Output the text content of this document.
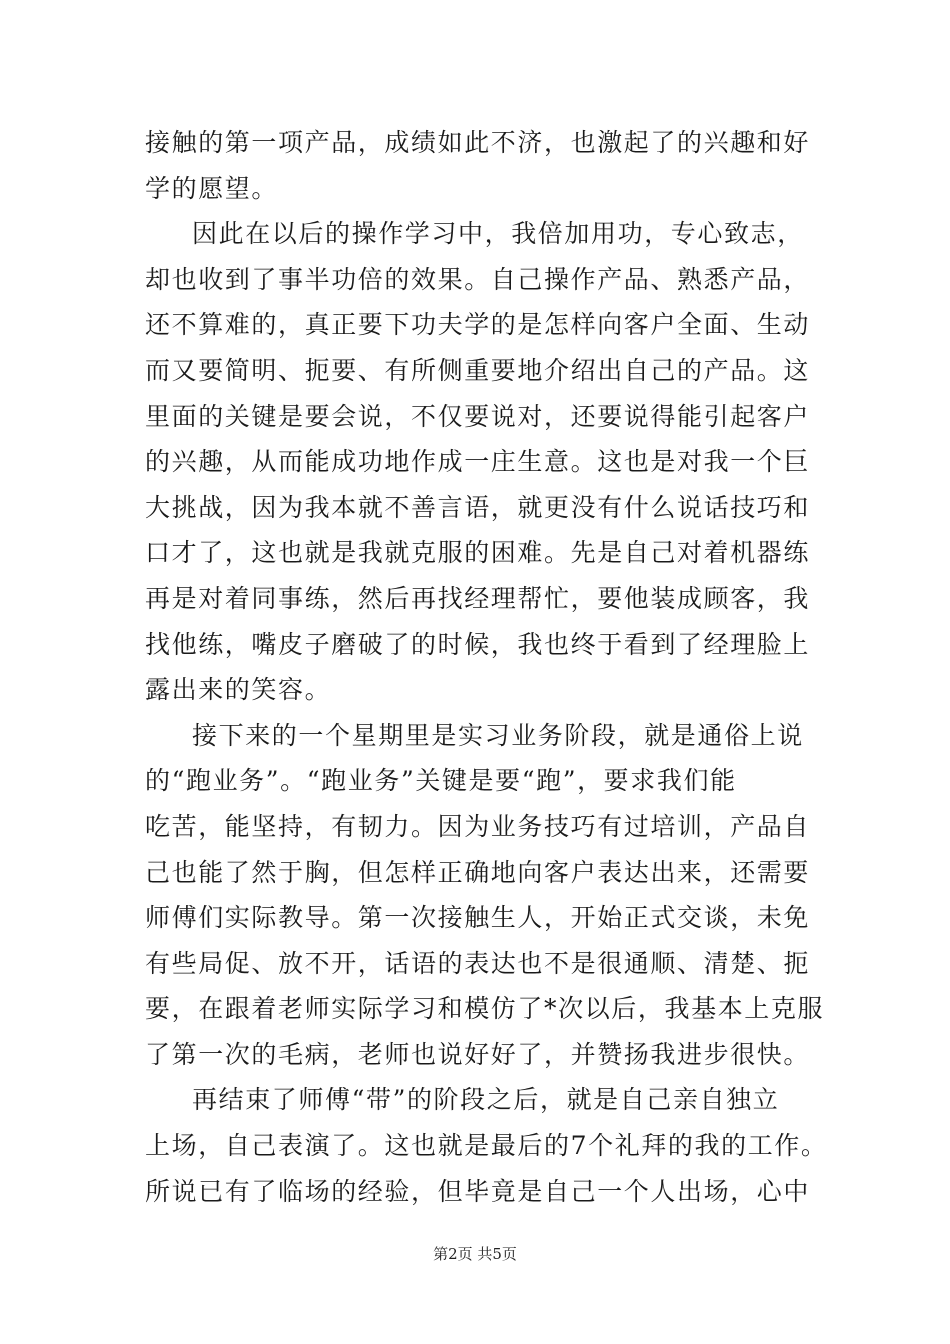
接触的第一项产品，成绩如此不济，也激起了的兴趣和好
学的愿望。
因此在以后的操作学习中，我倍加用功，专心致志，
却也收到了事半功倍的效果。自己操作产品、熟悉产品，
还不算难的，真正要下功夫学的是怎样向客户全面、生动
而又要简明、扼要、有所侧重要地介绍出自己的产品。这
里面的关键是要会说，不仅要说对，还要说得能引起客户
的兴趣，从而能成功地作成一庄生意。这也是对我一个巨
大挑战，因为我本就不善言语，就更没有什么说话技巧和
口才了，这也就是我就克服的困难。先是自己对着机器练
再是对着同事练，然后再找经理帮忙，要他装成顾客，我
找他练，嘴皮子磨破了的时候，我也终于看到了经理脸上
露出来的笑容。
接下来的一个星期里是实习业务阶段，就是通俗上说
的“跑业务”。“跑业务”关键是要“跑”，要求我们能
吃苦，能坚持，有韧力。因为业务技巧有过培训，产品自
己也能了然于胸，但怎样正确地向客户表达出来，还需要
师傅们实际教导。第一次接触生人，开始正式交谈，未免
有些局促、放不开，话语的表达也不是很通顺、清楚、扼
要，在跟着老师实际学习和模仿了*次以后，我基本上克服
了第一次的毛病，老师也说好好了，并赞扬我进步很快。
再结束了师傅“带”的阶段之后，就是自己亲自独立
上场，自己表演了。这也就是最后的7个礼拜的我的工作。
所说已有了临场的经验，但毕竟是自己一个人出场，心中
第2页 共5页
